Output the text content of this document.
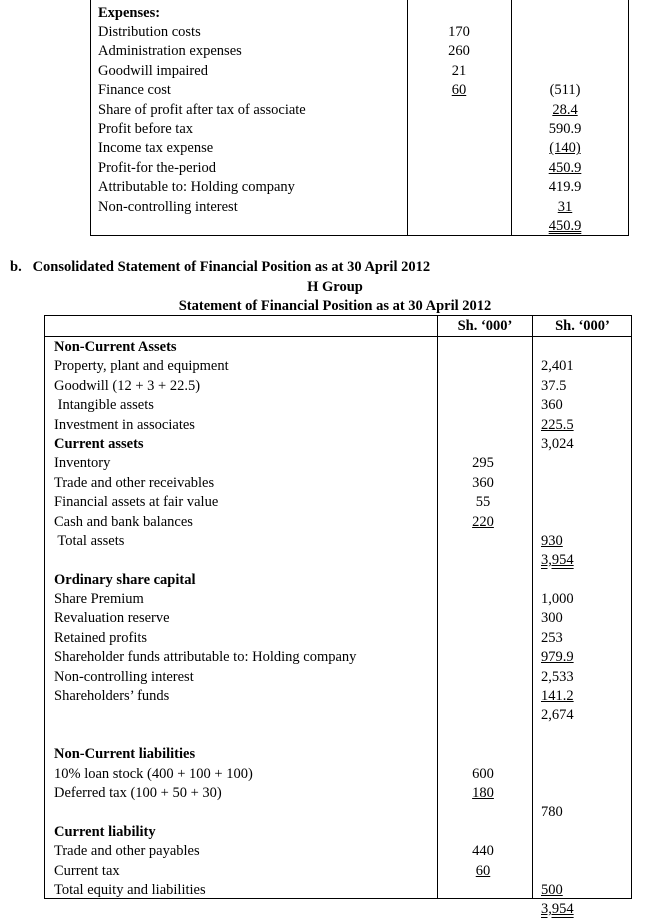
Expenses:
Distribution costs
Administration expenses
Goodwill impaired
Finance cost
Share of profit after tax of associate
Profit before tax
Income tax expense
Profit-for the-period
Attributable to: Holding company
Non-controlling interest
170
260
21
60	(511)
28.4
590.9
(140)
450.9
419.9
31
450.9
b.   Consolidated Statement of Financial Position as at 30 April 2012
H Group
Statement of Financial Position as at 30 April 2012
Sh. ‘000’	Sh. ‘000’
Non-Current Assets
Property, plant and equipment
Goodwill (12 + 3 + 22.5)
Intangible assets
Investment in associates
Current assets
Inventory
Trade and other receivables
Financial assets at fair value
Cash and bank balances
Total assets
Ordinary share capital
Share Premium
Revaluation reserve
Retained profits
Shareholder funds attributable to: Holding company
Non-controlling interest
Shareholders’ funds
Non-Current liabilities
10% loan stock (400 + 100 + 100)
Deferred tax (100 + 50 + 30)
Current liability
Trade and other payables
Current tax
Total equity and liabilities
295
360
55
220
600
180
440
60
2,401
37.5
360
225.5
3,024
930
3,954
1,000
300
253
979.9
2,533
141.2
2,674
780
500
3,954
